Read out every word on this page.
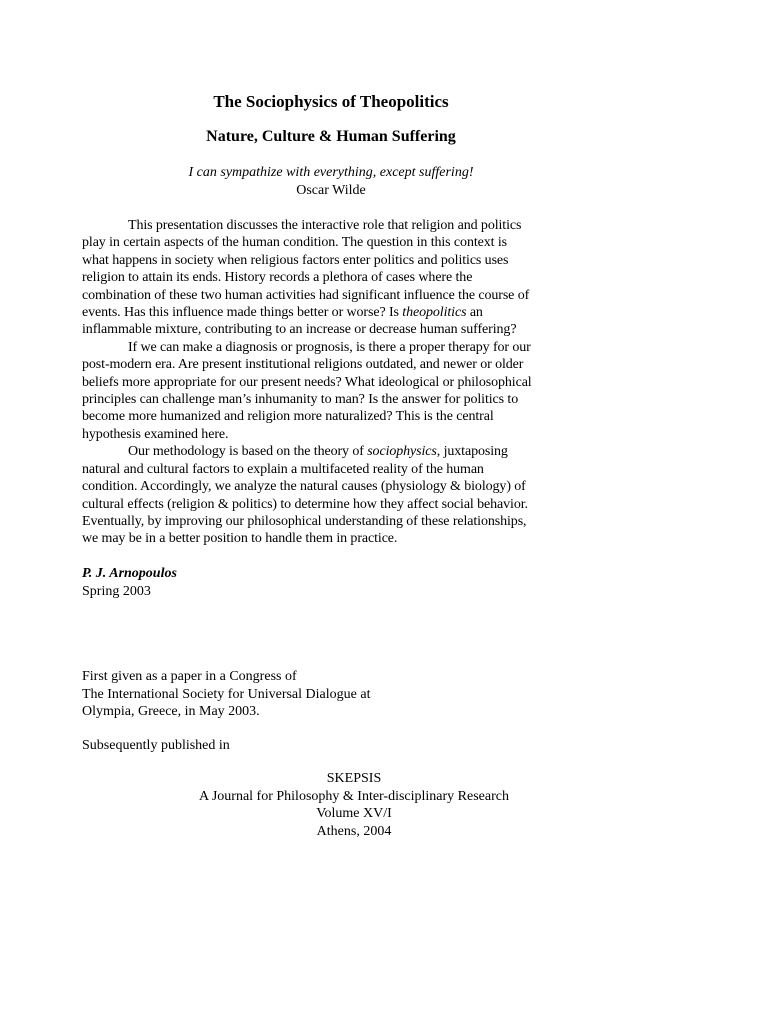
The Sociophysics of Theopolitics
Nature, Culture & Human Suffering
I can sympathize with everything, except suffering!
Oscar Wilde

This presentation discusses the interactive role that religion and politics
play in certain aspects of the human condition. The question in this context is
what happens in society when religious factors enter politics and politics uses
religion to attain its ends. History records a plethora of cases where the
combination of these two human activities had significant influence the course of
events. Has this influence made things better or worse? Is theopolitics an
inflammable mixture, contributing to an increase or decrease human suffering?

If we can make a diagnosis or prognosis, is there a proper therapy for our
post-modern era. Are present institutional religions outdated, and newer or older
beliefs more appropriate for our present needs? What ideological or philosophical
principles can challenge man’s inhumanity to man? Is the answer for politics to
become more humanized and religion more naturalized? This is the central
hypothesis examined here.

Our methodology is based on the theory of sociophysics, juxtaposing
natural and cultural factors to explain a multifaceted reality of the human
condition. Accordingly, we analyze the natural causes (physiology & biology) of
cultural effects (religion & politics) to determine how they affect social behavior.
Eventually, by improving our philosophical understanding of these relationships,
we may be in a better position to handle them in practice.

P. J. Arnopoulos
Spring 2003
First given as a paper in a Congress of
The International Society for Universal Dialogue at
Olympia, Greece, in May 2003.
Subsequently published in
SKEPSIS
A Journal for Philosophy & Inter-disciplinary Research
Volume XV/I
Athens, 2004
